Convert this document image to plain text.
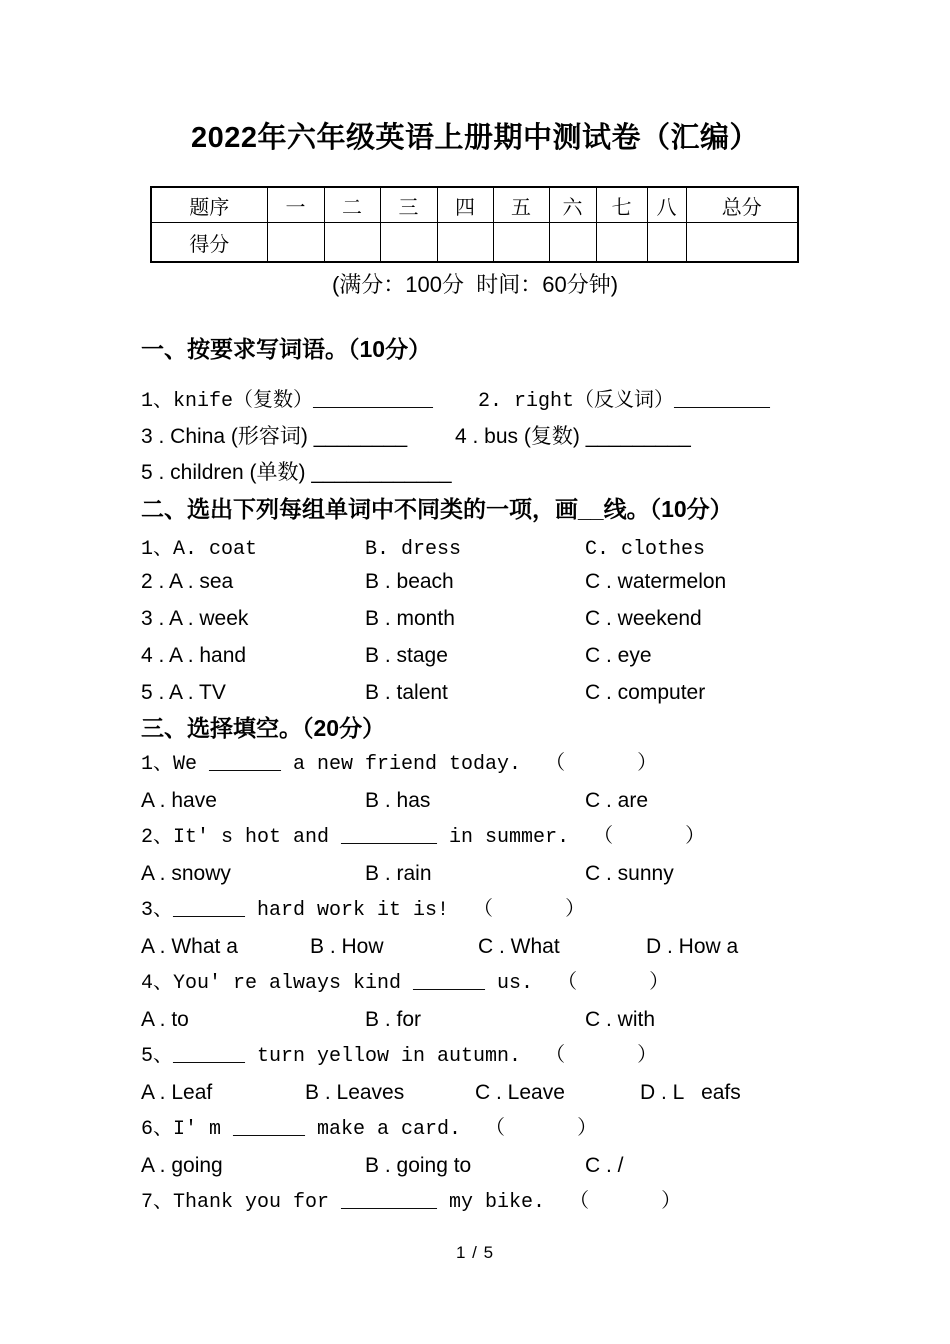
2022年六年级英语上册期中测试卷（汇编）
题序	一	二	三	四	五	六	七	八	总分
得分									
(满分：100分  时间：60分钟)
一、按要求写词语。（10分）
1、knife（复数）__________ 2. right（反义词）________
3 . China (形容词) ________ 4 . bus (复数) _________
5 . children (单数) ____________
二、选出下列每组单词中不同类的一项，画__线。（10分）
1、A. coat	B. dress	C. clothes
2 . A . sea	B . beach	C . watermelon
3 . A . week	B . month	C . weekend
4 . A . hand	B . stage	C . eye
5 . A . TV	B . talent	C . computer
三、选择填空。（20分）
1、We ______ a new friend today.  （      ）
A . have	B . has	C . are
2、It' s hot and ________ in summer.  （      ）
A . snowy	B . rain	C . sunny
3、______ hard work it is!  （      ）
A . What a	B . How	C . What	D . How a
4、You' re always kind ______ us.  （      ）
A . to	B . for	C . with
5、______ turn yellow in autumn.  （      ）
A . Leaf	B . Leaves	C . Leave	D . L   eafs
6、I' m ______ make a card.  （      ）
A . going	B . going to	C . /
7、Thank you for ________ my bike.  （      ）
1 / 5
